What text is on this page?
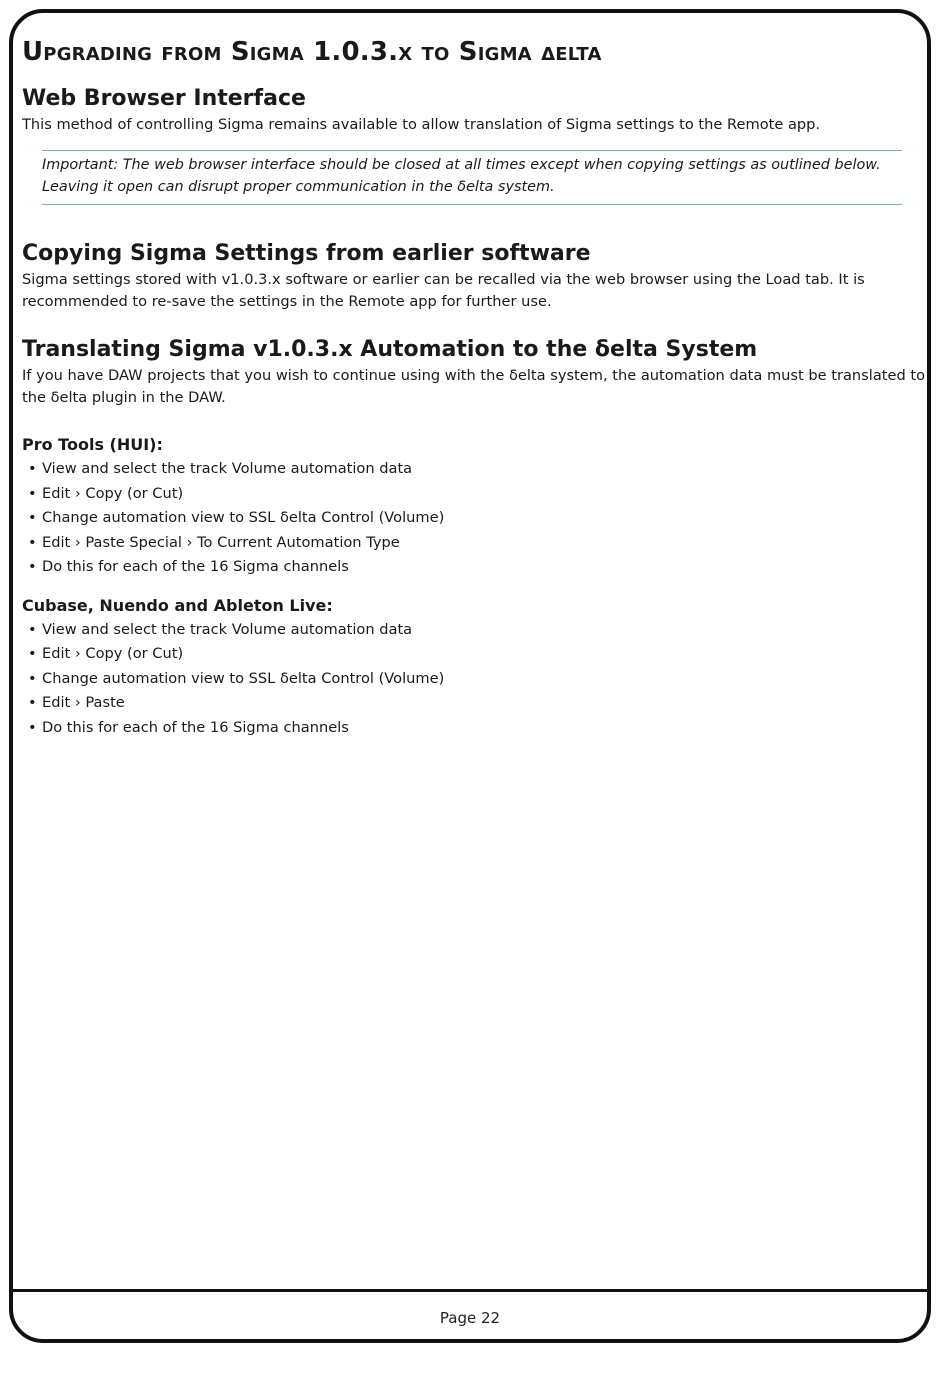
Page 22
Upgrading from Sigma 1.0.3.x to Sigma δelta
Web Browser Interface

This method of controlling Sigma remains available to allow translation of Sigma settings to the Remote app.

Important: The web browser interface should be closed at all times except when copying settings as outlined below.

Leaving it open can disrupt proper communication in the δelta system.

Copying Sigma Settings from earlier software

Sigma settings stored with v1.0.3.x software or earlier can be recalled via the web browser using the Load tab. It is recommended to re-save the settings in the Remote app for further use.

Translating Sigma v1.0.3.x Automation to the δelta System

If you have DAW projects that you wish to continue using with the δelta system, the automation data must be translated to the δelta plugin in the DAW.

Pro Tools (HUI):
• View and select the track Volume automation data
• Edit › Copy (or Cut)
• Change automation view to SSL δelta Control (Volume)
• Edit › Paste Special › To Current Automation Type
• Do this for each of the 16 Sigma channels
Cubase, Nuendo and Ableton Live:
• View and select the track Volume automation data
• Edit › Copy (or Cut)
• Change automation view to SSL δelta Control (Volume)
• Edit › Paste
• Do this for each of the 16 Sigma channels
